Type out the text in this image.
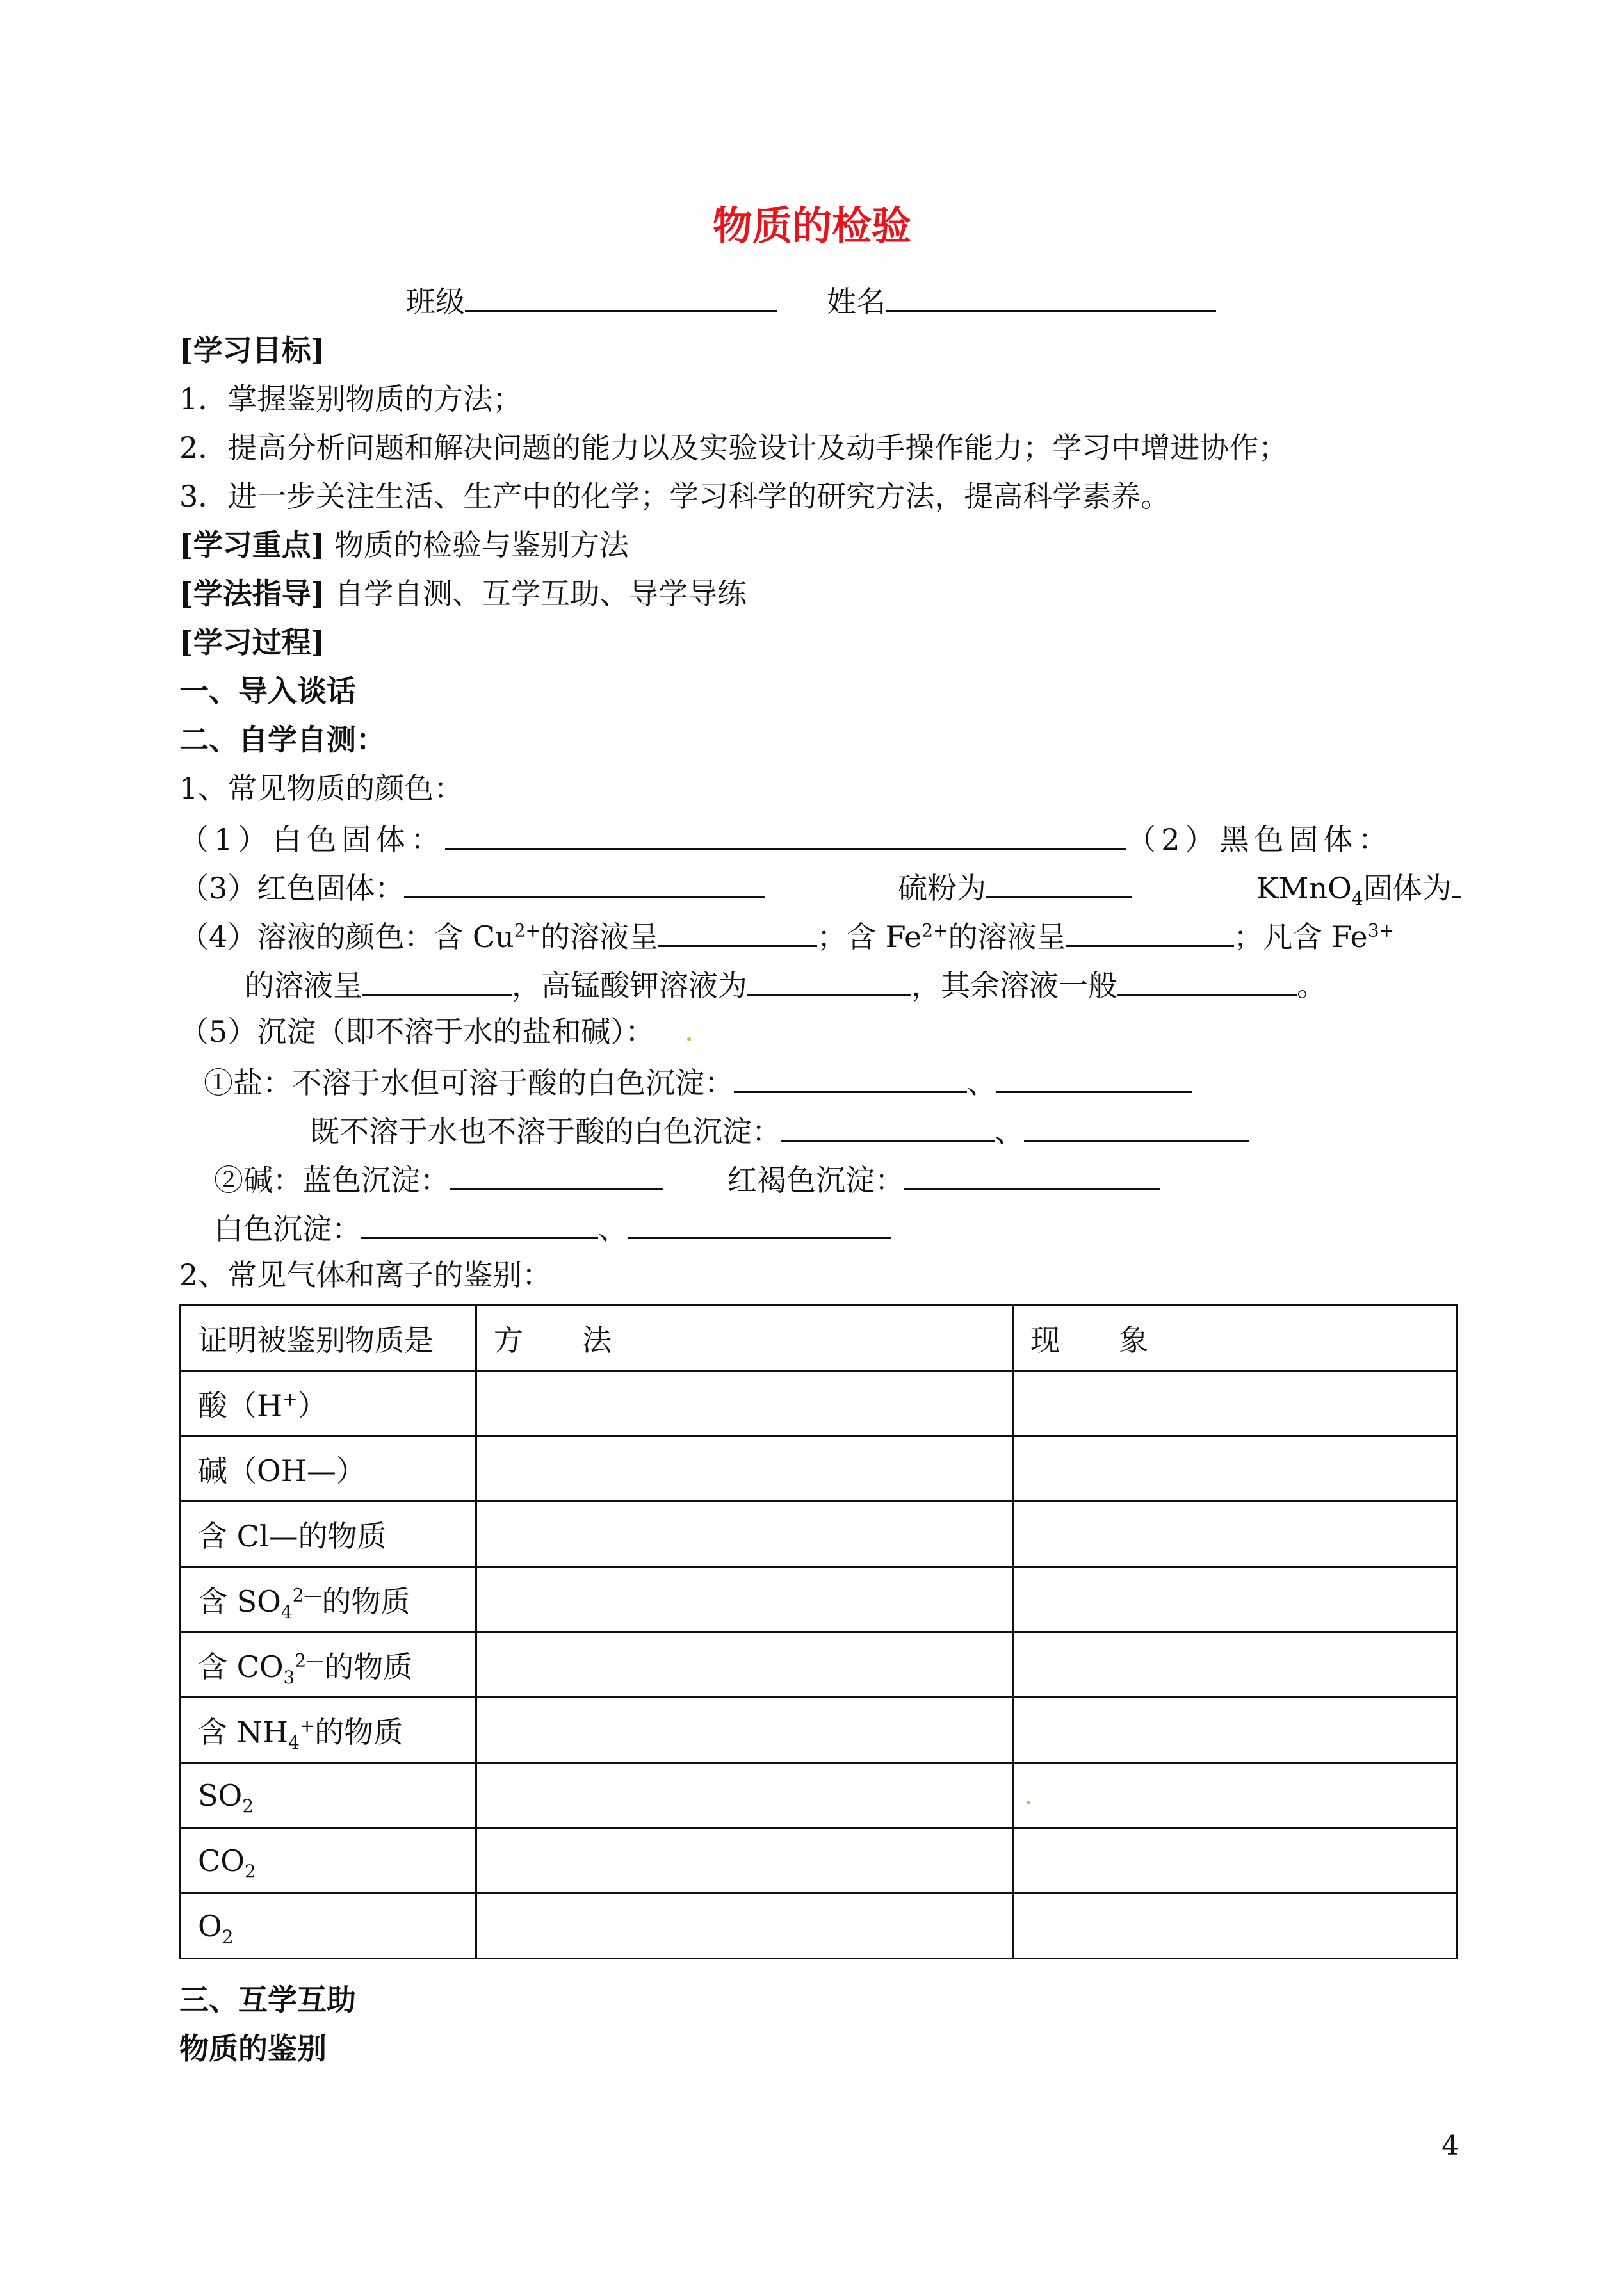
物质的检验
班级	姓名
[学习目标]
1．掌握鉴别物质的方法；
2．提高分析问题和解决问题的能力以及实验设计及动手操作能力；学习中增进协作；
3．进一步关注生活、生产中的化学；学习科学的研究方法，提高科学素养。
[学习重点] 物质的检验与鉴别方法
[学法指导] 自学自测、互学互助、导学导练
[学习过程]
一、导入谈话
二、自学自测：
1、常见物质的颜色：
（1）白色固体：	（2）黑色固体：
（3）红色固体：	硫粉为	KMnO$_4$固体为
（4）溶液的颜色：含 $Cu^{2+}$的溶液呈	；含 $Fe^{2+}$的溶液呈	；凡含 $Fe^{3+}$
的溶液呈	，高锰酸钾溶液为	，其余溶液一般	。
（5）沉淀（即不溶于水的盐和碱）：
①盐：不溶于水但可溶于酸的白色沉淀：	、
既不溶于水也不溶于酸的白色沉淀：	、
②碱：蓝色沉淀：	红褐色沉淀：
白色沉淀：	、
2、常见气体和离子的鉴别：
证明被鉴别物质是	方　　法	现　　象
酸（H+）		
碱（OH—）		
含 Cl—的物质		
含 $SO_4^{2—}$的物质		
含 $CO_3^{2—}$的物质		
含 $NH_4^+$的物质		
$SO_2$		

$CO_2$		
$O_2$		
三、互学互助
物质的鉴别
4
